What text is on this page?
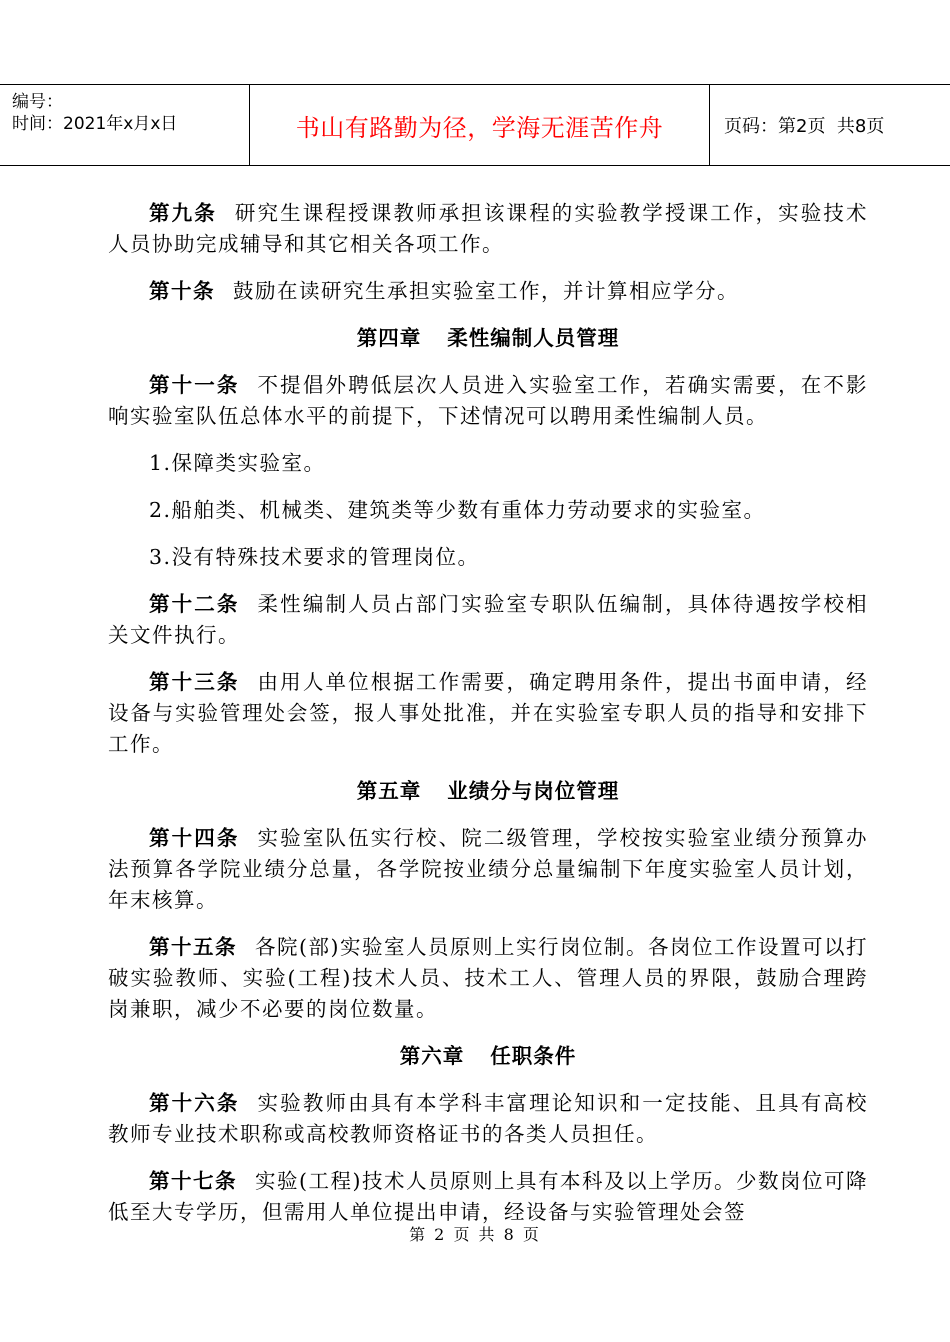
编号：
时间：2021年x月x日	书山有路勤为径，学海无涯苦作舟	页码：第2页  共8页

第九条 研究生课程授课教师承担该课程的实验教学授课工作，实验技术人员协助完成辅导和其它相关各项工作。

第十条 鼓励在读研究生承担实验室工作，并计算相应学分。

第四章 柔性编制人员管理

第十一条 不提倡外聘低层次人员进入实验室工作，若确实需要，在不影响实验室队伍总体水平的前提下，下述情况可以聘用柔性编制人员。

1.保障类实验室。

2.船舶类、机械类、建筑类等少数有重体力劳动要求的实验室。

3.没有特殊技术要求的管理岗位。

第十二条 柔性编制人员占部门实验室专职队伍编制，具体待遇按学校相关文件执行。

第十三条 由用人单位根据工作需要，确定聘用条件，提出书面申请，经设备与实验管理处会签，报人事处批准，并在实验室专职人员的指导和安排下工作。

第五章 业绩分与岗位管理

第十四条 实验室队伍实行校、院二级管理，学校按实验室业绩分预算办法预算各学院业绩分总量，各学院按业绩分总量编制下年度实验室人员计划，年末核算。

第十五条 各院(部)实验室人员原则上实行岗位制。各岗位工作设置可以打破实验教师、实验(工程)技术人员、技术工人、管理人员的界限，鼓励合理跨岗兼职，减少不必要的岗位数量。

第六章 任职条件

第十六条 实验教师由具有本学科丰富理论知识和一定技能、且具有高校教师专业技术职称或高校教师资格证书的各类人员担任。

第十七条 实验(工程)技术人员原则上具有本科及以上学历。少数岗位可降低至大专学历，但需用人单位提出申请，经设备与实验管理处会签

第 2 页 共 8 页
